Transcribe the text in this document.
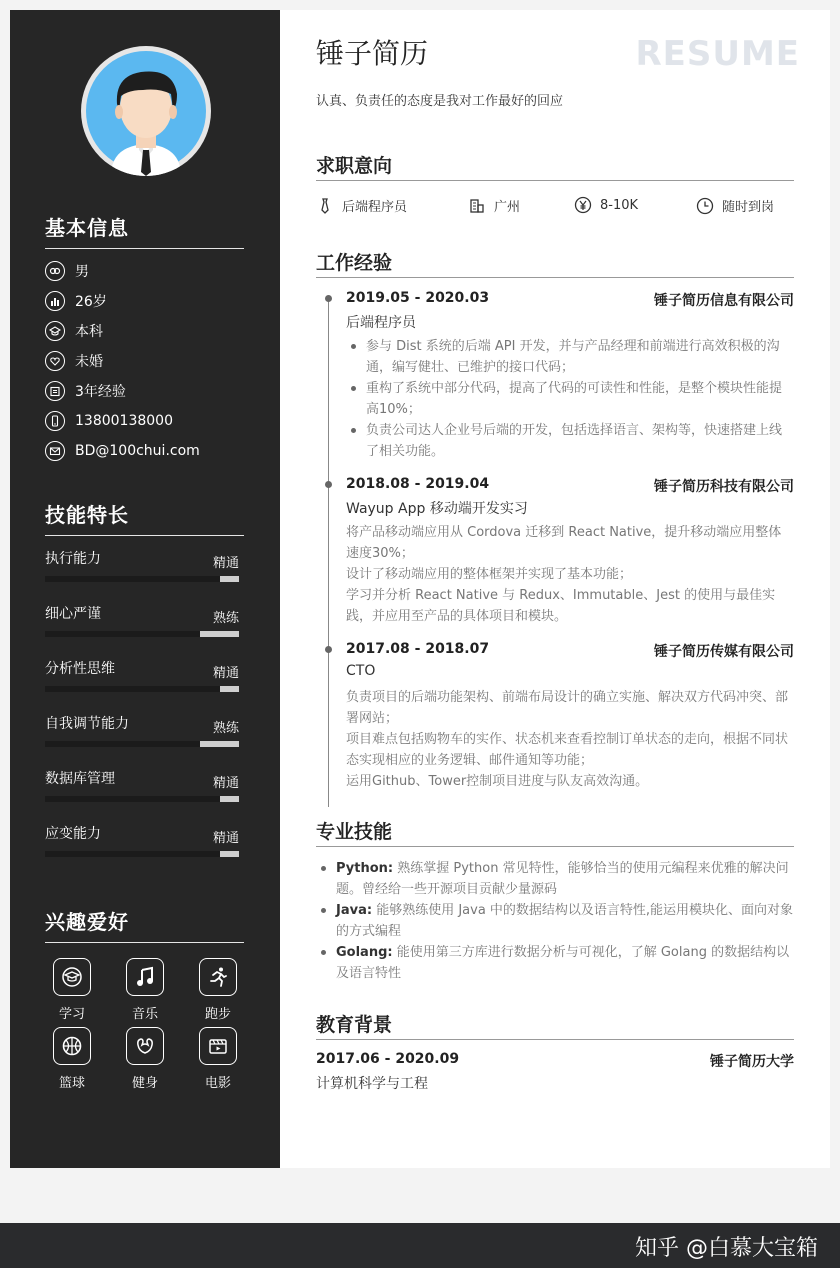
基本信息
男
26岁
本科
未婚
3年经验
13800138000
BD@100chui.com
技能特长
执行能力	精通
细心严谨	熟练
分析性思维	精通
自我调节能力	熟练
数据库管理	精通
应变能力	精通
兴趣爱好
学习	音乐	跑步
篮球	健身	电影
锤子简历	RESUME
认真、负责任的态度是我对工作最好的回应
求职意向
后端程序员	广州	8-10K	随时到岗
工作经验
2019.05 - 2020.03	锤子简历信息有限公司
后端程序员
参与 Dist 系统的后端 API 开发，并与产品经理和前端进行高效积极的沟通，编写健壮、已维护的接口代码；
重构了系统中部分代码，提高了代码的可读性和性能，是整个模块性能提高10%；
负责公司达人企业号后端的开发，包括选择语言、架构等，快速搭建上线了相关功能。
2018.08 - 2019.04	锤子简历科技有限公司
Wayup App 移动端开发实习
将产品移动端应用从 Cordova 迁移到 React Native，提升移动端应用整体速度30%；
设计了移动端应用的整体框架并实现了基本功能；
学习并分析 React Native 与 Redux、Immutable、Jest 的使用与最佳实践，并应用至产品的具体项目和模块。
2017.08 - 2018.07	锤子简历传媒有限公司
CTO
负责项目的后端功能架构、前端布局设计的确立实施、解决双方代码冲突、部署网站；
项目难点包括购物车的实作、状态机来查看控制订单状态的走向，根据不同状态实现相应的业务逻辑、邮件通知等功能；
运用Github、Tower控制项目进度与队友高效沟通。
专业技能
Python: 熟练掌握 Python 常见特性，能够恰当的使用元编程来优雅的解决问题。曾经给一些开源项目贡献少量源码
Java: 能够熟练使用 Java 中的数据结构以及语言特性,能运用模块化、面向对象的方式编程
Golang: 能使用第三方库进行数据分析与可视化，了解 Golang 的数据结构以及语言特性
教育背景
2017.06 - 2020.09	锤子简历大学
计算机科学与工程
知乎 @白慕大宝箱
